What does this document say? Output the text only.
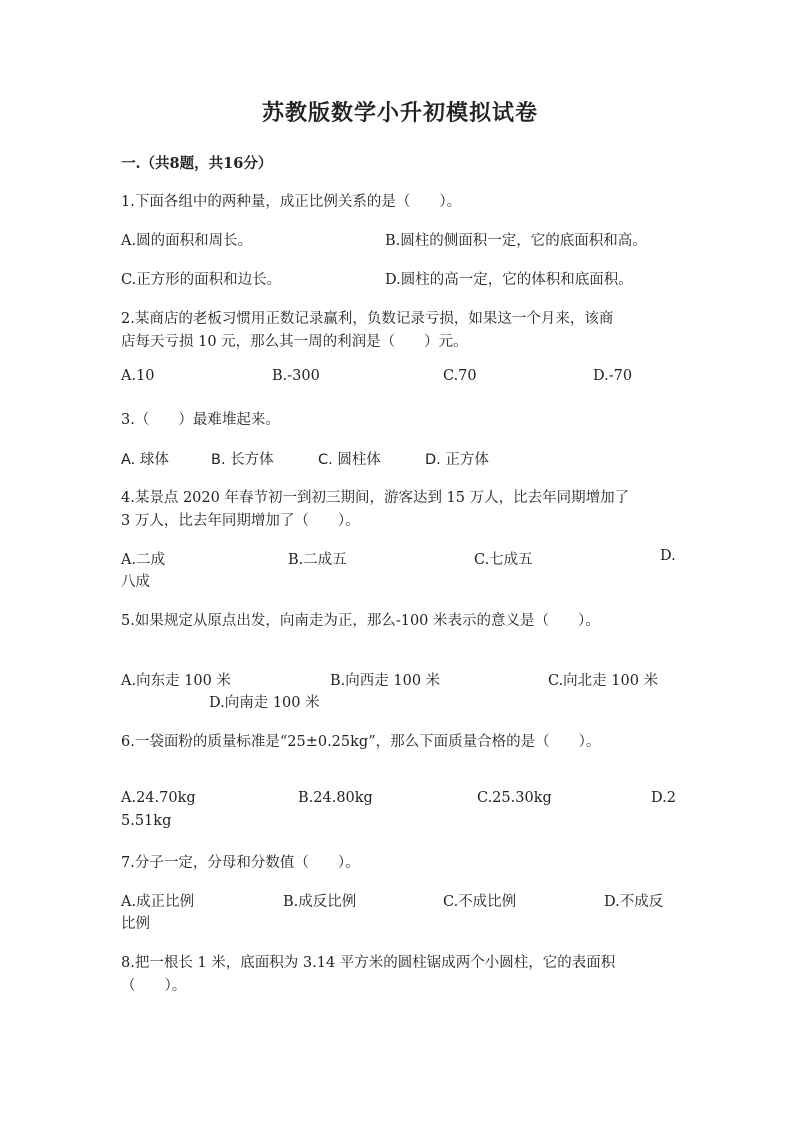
苏教版数学小升初模拟试卷
一.（共8题，共16分）
1.下面各组中的两种量，成正比例关系的是（　　）。
A.圆的面积和周长。	B.圆柱的侧面积一定，它的底面积和高。
C.正方形的面积和边长。	D.圆柱的高一定，它的体积和底面积。
2.某商店的老板习惯用正数记录赢利，负数记录亏损，如果这一个月来，该商
店每天亏损 10 元，那么其一周的利润是（　　）元。
A.10	B.-300	C.70	D.-70
3.（　　）最难堆起来。
A. 球体	B. 长方体	C. 圆柱体	D. 正方体
4.某景点 2020 年春节初一到初三期间，游客达到 15 万人，比去年同期增加了
3 万人，比去年同期增加了（　　）。
A.二成	B.二成五	C.七成五	D.
八成
5.如果规定从原点出发，向南走为正，那么-100 米表示的意义是（　　）。
A.向东走 100 米	B.向西走 100 米	C.向北走 100 米
D.向南走 100 米
6.一袋面粉的质量标准是“25±0.25kg”，那么下面质量合格的是（　　）。
A.24.70kg	B.24.80kg	C.25.30kg	D.2
5.51kg
7.分子一定，分母和分数值（　　）。
A.成正比例	B.成反比例	C.不成比例	D.不成反
比例
8.把一根长 1 米，底面积为 3.14 平方米的圆柱锯成两个小圆柱，它的表面积
（　　）。
